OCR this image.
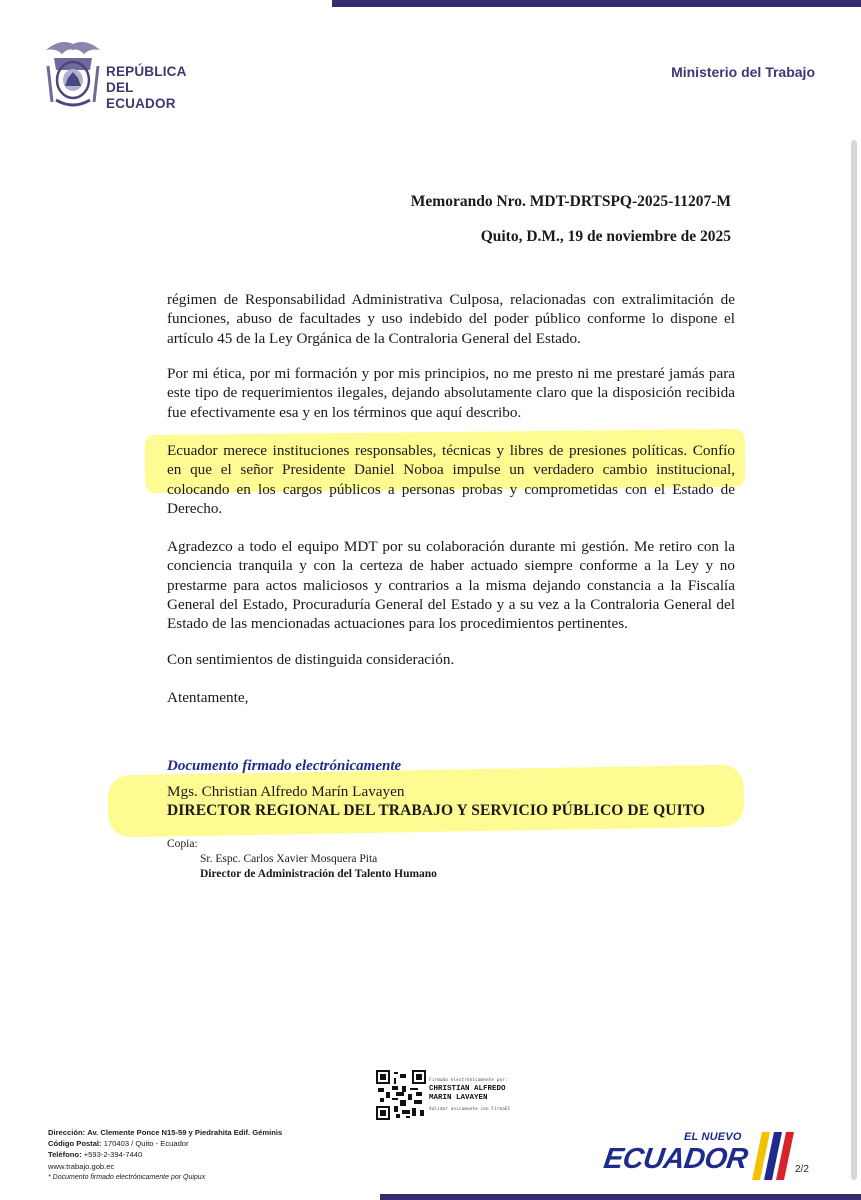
REPÚBLICA
DEL ECUADOR
Ministerio del Trabajo
Memorando Nro. MDT-DRTSPQ-2025-11207-M
Quito, D.M., 19 de noviembre de 2025

régimen de Responsabilidad Administrativa Culposa, relacionadas con extralimitación de funciones, abuso de facultades y uso indebido del poder público conforme lo dispone el artículo 45 de la Ley Orgánica de la Contraloria General del Estado.

Por mi ética, por mi formación y por mis principios, no me presto ni me prestaré jamás para este tipo de requerimientos ilegales, dejando absolutamente claro que la disposición recibida fue efectivamente esa y en los términos que aquí describo.

Ecuador merece instituciones responsables, técnicas y libres de presiones políticas. Confío en que el señor Presidente Daniel Noboa impulse un verdadero cambio institucional, colocando en los cargos públicos a personas probas y comprometidas con el Estado de Derecho.

Agradezco a todo el equipo MDT por su colaboración durante mi gestión. Me retiro con la conciencia tranquila y con la certeza de haber actuado siempre conforme a la Ley y no prestarme para actos maliciosos y contrarios a la misma dejando constancia a la Fiscalía General del Estado, Procuraduría General del Estado y a su vez a la Contraloria General del Estado de las mencionadas actuaciones para los procedimientos pertinentes.

Con sentimientos de distinguida consideración.

Atentamente,

Documento firmado electrónicamente
Mgs. Christian Alfredo Marín Lavayen
DIRECTOR REGIONAL DEL TRABAJO Y SERVICIO PÚBLICO DE QUITO
Copia:
Sr. Espc. Carlos Xavier Mosquera Pita
Director de Administración del Talento Humano
Firmado electrónicamente por:
CHRISTIAN ALFREDO
MARIN LAVAYEN
Validar únicamente con FirmaEC
Dirección: Av. Clemente Ponce N15-59 y Piedrahita Edif. Géminis
Código Postal: 170403 / Quito - Ecuador
Teléfono: +593-2-394-7440
www.trabajo.gob.ec
* Documento firmado electrónicamente por Quipux
EL NUEVO
ECUADOR	2/2
